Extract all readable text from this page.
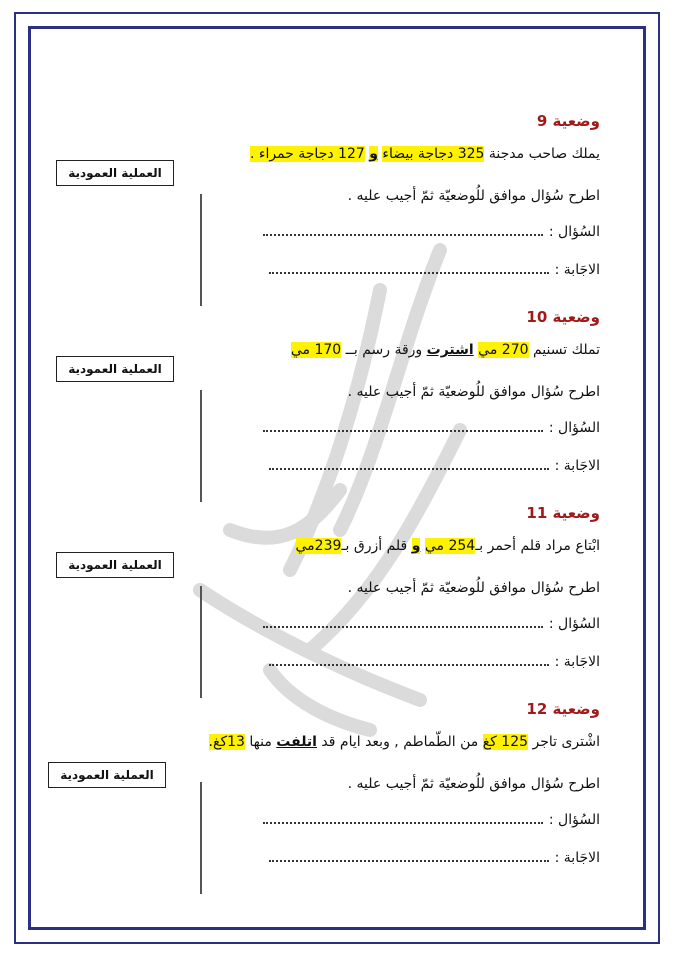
وضعية 9
يملك صاحب مدجنة 325 دجاجة بيضاء و 127 دجاجة حمراء .
اطرح سُؤال موافق للُوضعيّة ثمّ أجيب عليه .
السُؤال :
الاجَابة :
العملية العمودية
وضعية 10
تملك تسنيم 270 مي اشترت ورقة رسم بــ 170 مي
اطرح سُؤال موافق للُوضعيّة ثمّ أجيب عليه .
السُؤال :
الاجَابة :
العملية العمودية
وضعية 11
ابْتاع مراد قلم أحمر بـ254 مي و قلم أزرق بـ239مي
اطرح سُؤال موافق للُوضعيّة ثمّ أجيب عليه .
السُؤال :
الاجَابة :
العملية العمودية
وضعية 12
اشْترى تاجر 125 كغ من الطّماطم , وبعد ايام قد اتلفت منها 13كغ.
اطرح سُؤال موافق للُوضعيّة ثمّ أجيب عليه .
السُؤال :
الاجَابة :
العملية العمودية
